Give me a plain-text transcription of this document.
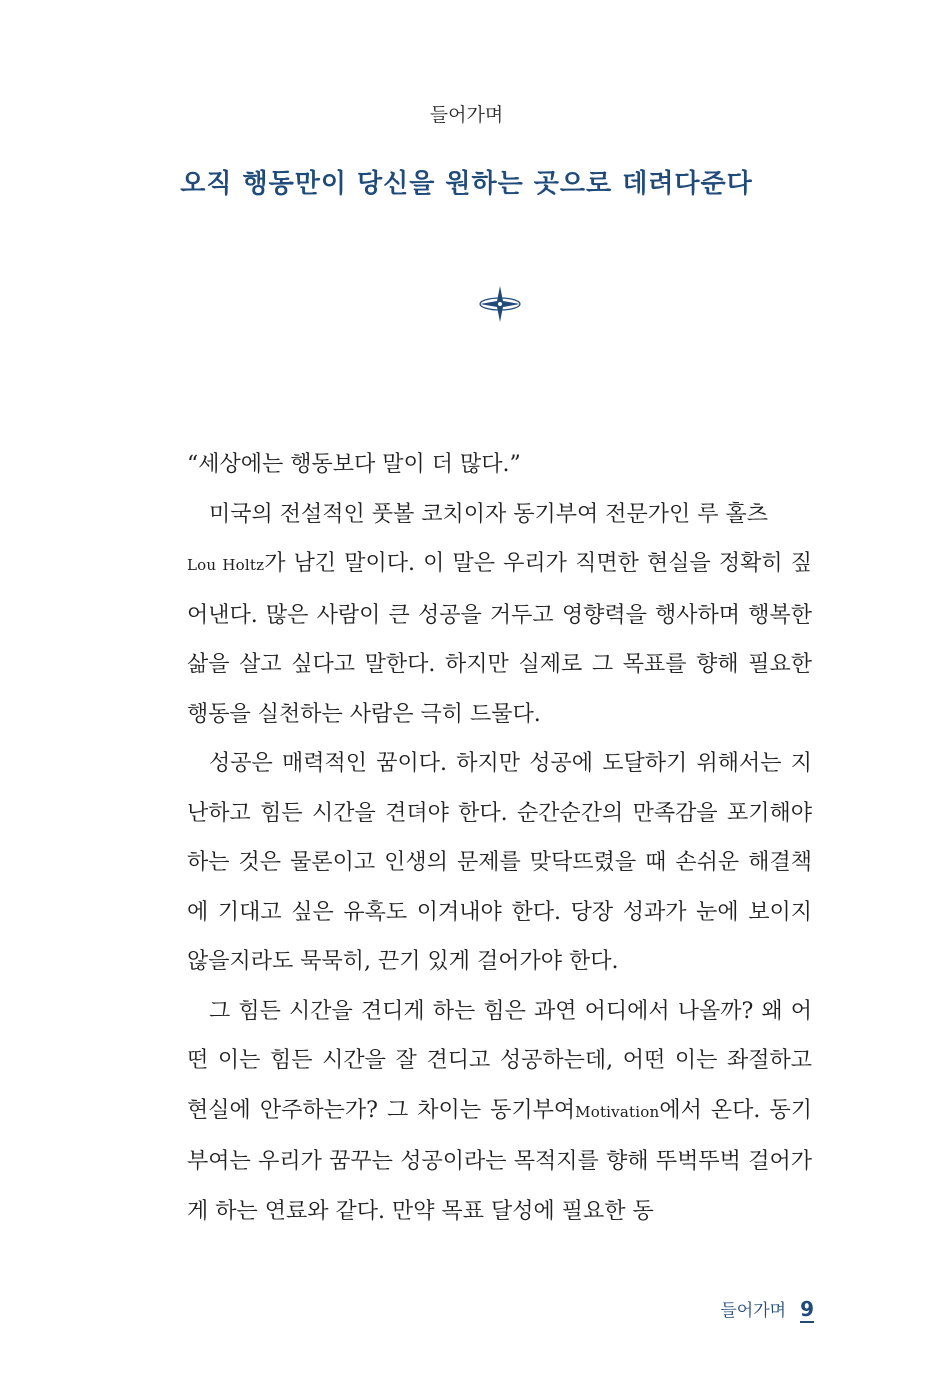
들어가며
오직 행동만이 당신을 원하는 곳으로 데려다준다

“세상에는 행동보다 말이 더 많다.”

미국의 전설적인 풋볼 코치이자 동기부여 전문가인 루 홀츠
Lou Holtz가 남긴 말이다. 이 말은 우리가 직면한 현실을 정확히 짚어낸다. 많은 사람이 큰 성공을 거두고 영향력을 행사하며 행복한 삶을 살고 싶다고 말한다. 하지만 실제로 그 목표를 향해 필요한 행동을 실천하는 사람은 극히 드물다.

성공은 매력적인 꿈이다. 하지만 성공에 도달하기 위해서는 지난하고 힘든 시간을 견뎌야 한다. 순간순간의 만족감을 포기해야 하는 것은 물론이고 인생의 문제를 맞닥뜨렸을 때 손쉬운 해결책에 기대고 싶은 유혹도 이겨내야 한다. 당장 성과가 눈에 보이지 않을지라도 묵묵히, 끈기 있게 걸어가야 한다.

그 힘든 시간을 견디게 하는 힘은 과연 어디에서 나올까? 왜 어떤 이는 힘든 시간을 잘 견디고 성공하는데, 어떤 이는 좌절하고 현실에 안주하는가? 그 차이는 동기부여Motivation에서 온다. 동기부여는 우리가 꿈꾸는 성공이라는 목적지를 향해 뚜벅뚜벅 걸어가게 하는 연료와 같다. 만약 목표 달성에 필요한 동

들어가며 9
